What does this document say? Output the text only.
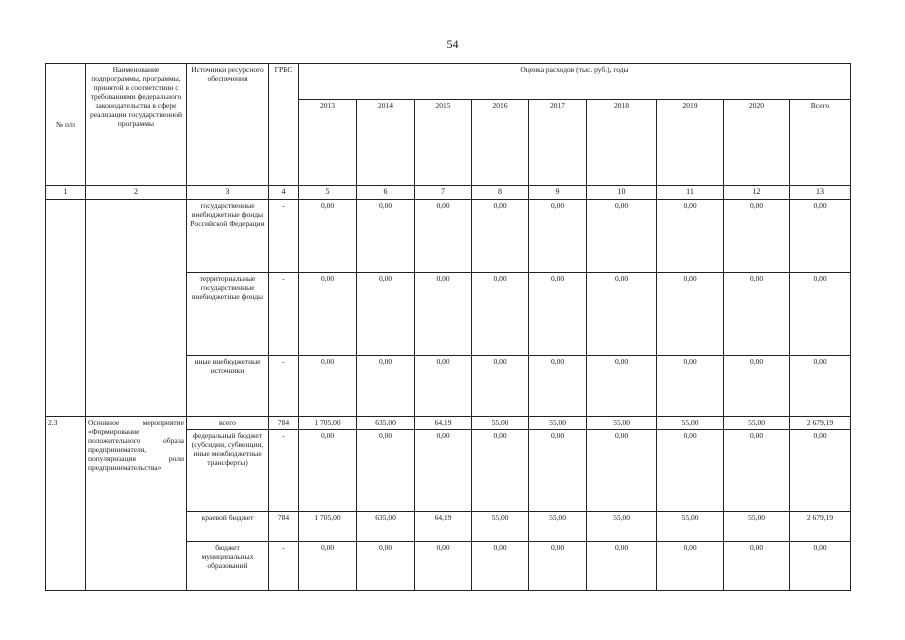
54
№ п/п	Наименование подпрограммы, программы, принятой в соответствии с требованиями федерального законодательства в сфере реализации государственной программы	Источники ресурсного обеспечения	ГРБС	Оценка расходов (тыс. руб.), годы								
				2013	2014	2015	2016	2017	2018	2019	2020	Всего
1	2	3	4	5	6	7	8	9	10	11	12	13
		государственные внебюджетные фонды Российской Федерации	-	0,00	0,00	0,00	0,00	0,00	0,00	0,00	0,00	0,00
		территориальные государственные внебюджетные фонды	-	0,00	0,00	0,00	0,00	0,00	0,00	0,00	0,00	0,00
		иные внебюджетные источники	-	0,00	0,00	0,00	0,00	0,00	0,00	0,00	0,00	0,00
2.3	Основное мероприятие «Формирование положительного образа предпринимателя, популяризация роли предпринимательства»	всего	784	1 705,00	635,00	64,19	55,00	55,00	55,00	55,00	55,00	2 679,19
		федеральный бюджет (субсидии, субвенции, иные межбюджетные трансферты)	-	0,00	0,00	0,00	0,00	0,00	0,00	0,00	0,00	0,00
		краевой бюджет	784	1 705,00	635,00	64,19	55,00	55,00	55,00	55,00	55,00	2 679,19
		бюджет муниципальных образований	-	0,00	0,00	0,00	0,00	0,00	0,00	0,00	0,00	0,00
